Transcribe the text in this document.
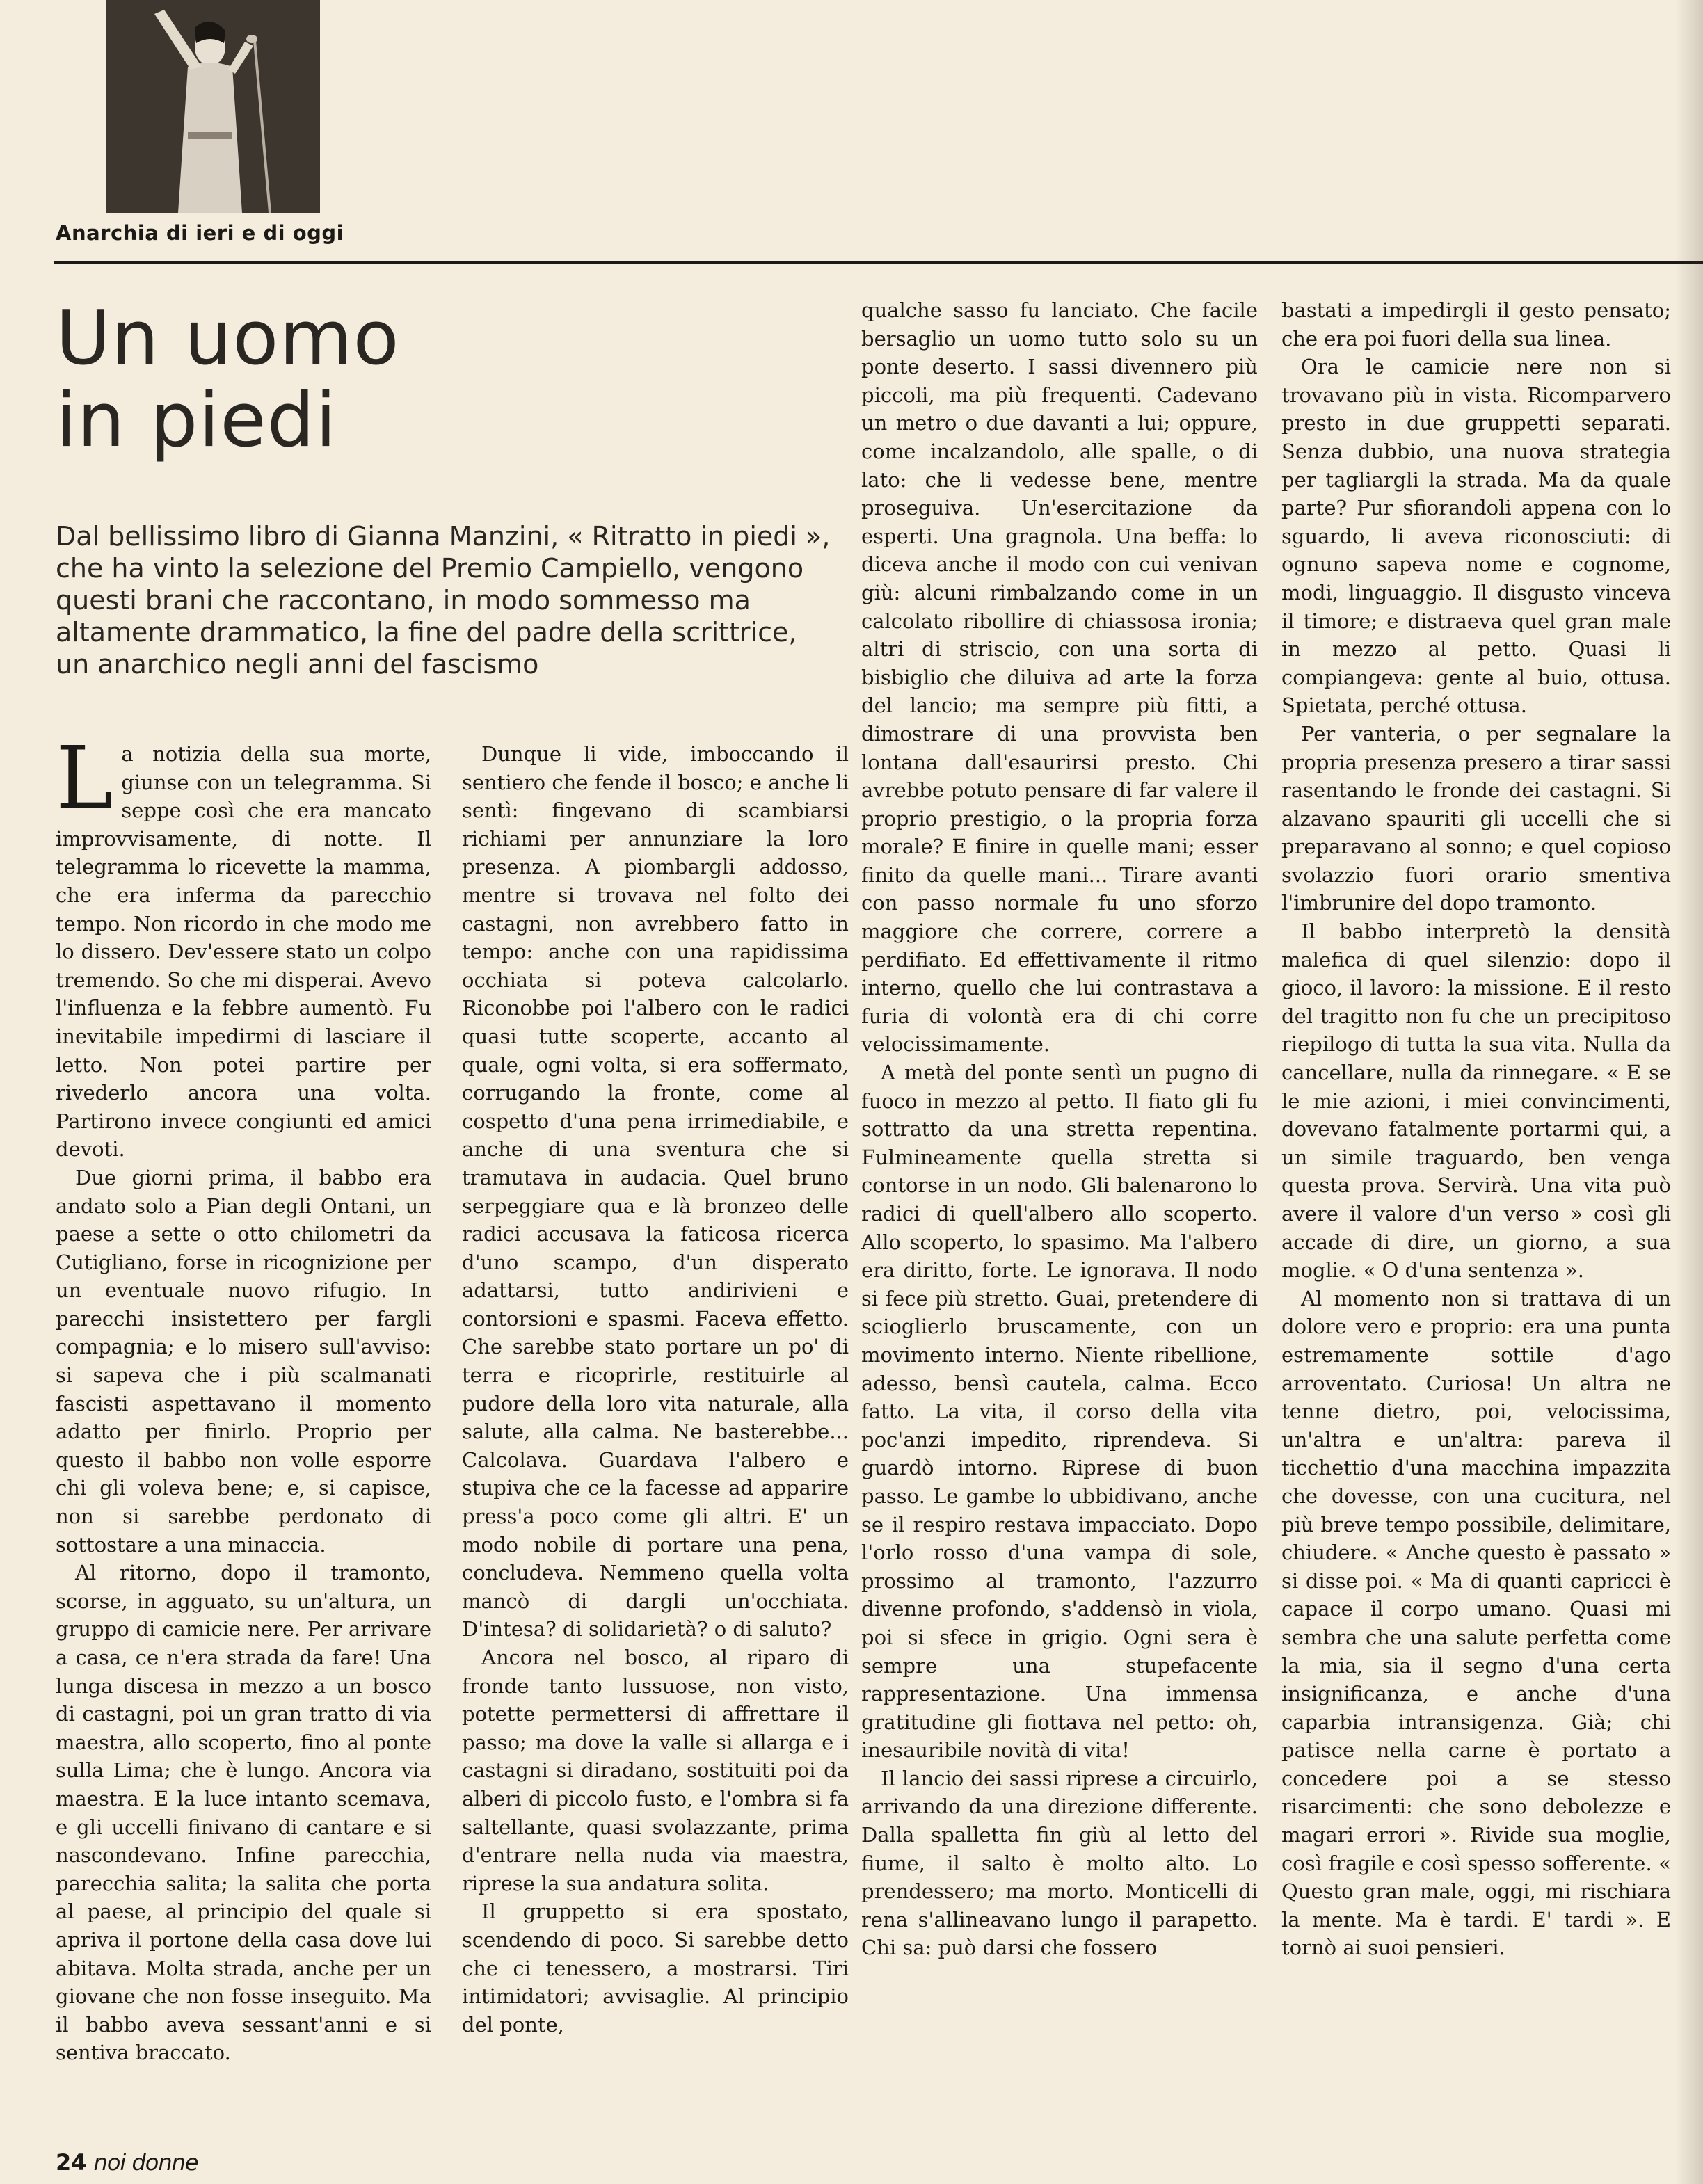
Anarchia di ieri e di oggi
Un uomo
in piedi

Dal bellissimo libro di Gianna Manzini, « Ritratto in piedi », che ha vinto la selezione del Premio Campiello, vengono questi brani che raccontano, in modo sommesso ma altamente drammatico, la fine del padre della scrittrice, un anarchico negli anni del fascismo

La notizia della sua morte, giunse con un telegramma. Si seppe così che era mancato improvvisamente, di notte. Il telegramma lo ricevette la mamma, che era inferma da parecchio tempo. Non ricordo in che modo me lo dissero. Dev'essere stato un colpo tremendo. So che mi disperai. Avevo l'influenza e la febbre aumentò. Fu inevitabile impedirmi di lasciare il letto. Non potei partire per rivederlo ancora una volta. Partirono invece congiunti ed amici devoti.

Due giorni prima, il babbo era andato solo a Pian degli Ontani, un paese a sette o otto chilometri da Cutigliano, forse in ricognizione per un eventuale nuovo rifugio. In parecchi insistettero per fargli compagnia; e lo misero sull'avviso: si sapeva che i più scalmanati fascisti aspettavano il momento adatto per finirlo. Proprio per questo il babbo non volle esporre chi gli voleva bene; e, si capisce, non si sarebbe perdonato di sottostare a una minaccia.

Al ritorno, dopo il tramonto, scorse, in agguato, su un'altura, un gruppo di camicie nere. Per arrivare a casa, ce n'era strada da fare! Una lunga discesa in mezzo a un bosco di castagni, poi un gran tratto di via maestra, allo scoperto, fino al ponte sulla Lima; che è lungo. Ancora via maestra. E la luce intanto scemava, e gli uccelli finivano di cantare e si nascondevano. Infine parecchia, parecchia salita; la salita che porta al paese, al principio del quale si apriva il portone della casa dove lui abitava. Molta strada, anche per un giovane che non fosse inseguito. Ma il babbo aveva sessant'anni e si sentiva braccato.

Dunque li vide, imboccando il sentiero che fende il bosco; e anche li sentì: fingevano di scambiarsi richiami per annunziare la loro presenza. A piombargli addosso, mentre si trovava nel folto dei castagni, non avrebbero fatto in tempo: anche con una rapidissima occhiata si poteva calcolarlo. Riconobbe poi l'albero con le radici quasi tutte scoperte, accanto al quale, ogni volta, si era soffermato, corrugando la fronte, come al cospetto d'una pena irrimediabile, e anche di una sventura che si tramutava in audacia. Quel bruno serpeggiare qua e là bronzeo delle radici accusava la faticosa ricerca d'uno scampo, d'un disperato adattarsi, tutto andirivieni e contorsioni e spasmi. Faceva effetto. Che sarebbe stato portare un po' di terra e ricoprirle, restituirle al pudore della loro vita naturale, alla salute, alla calma. Ne basterebbe... Calcolava. Guardava l'albero e stupiva che ce la facesse ad apparire press'a poco come gli altri. E' un modo nobile di portare una pena, concludeva. Nemmeno quella volta mancò di dargli un'occhiata. D'intesa? di solidarietà? o di saluto?

Ancora nel bosco, al riparo di fronde tanto lussuose, non visto, potette permettersi di affrettare il passo; ma dove la valle si allarga e i castagni si diradano, sostituiti poi da alberi di piccolo fusto, e l'ombra si fa saltellante, quasi svolazzante, prima d'entrare nella nuda via maestra, riprese la sua andatura solita.

Il gruppetto si era spostato, scendendo di poco. Si sarebbe detto che ci tenessero, a mostrarsi. Tiri intimidatori; avvisaglie. Al principio del ponte,

qualche sasso fu lanciato. Che facile bersaglio un uomo tutto solo su un ponte deserto. I sassi divennero più piccoli, ma più frequenti. Cadevano un metro o due davanti a lui; oppure, come incalzandolo, alle spalle, o di lato: che li vedesse bene, mentre proseguiva. Un'esercitazione da esperti. Una gragnola. Una beffa: lo diceva anche il modo con cui venivan giù: alcuni rimbalzando come in un calcolato ribollire di chiassosa ironia; altri di striscio, con una sorta di bisbiglio che diluiva ad arte la forza del lancio; ma sempre più fitti, a dimostrare di una provvista ben lontana dall'esaurirsi presto. Chi avrebbe potuto pensare di far valere il proprio prestigio, o la propria forza morale? E finire in quelle mani; esser finito da quelle mani... Tirare avanti con passo normale fu uno sforzo maggiore che correre, correre a perdifiato. Ed effettivamente il ritmo interno, quello che lui contrastava a furia di volontà era di chi corre velocissimamente.

A metà del ponte sentì un pugno di fuoco in mezzo al petto. Il fiato gli fu sottratto da una stretta repentina. Fulmineamente quella stretta si contorse in un nodo. Gli balenarono lo radici di quell'albero allo scoperto. Allo scoperto, lo spasimo. Ma l'albero era diritto, forte. Le ignorava. Il nodo si fece più stretto. Guai, pretendere di scioglierlo bruscamente, con un movimento interno. Niente ribellione, adesso, bensì cautela, calma. Ecco fatto. La vita, il corso della vita poc'anzi impedito, riprendeva. Si guardò intorno. Riprese di buon passo. Le gambe lo ubbidivano, anche se il respiro restava impacciato. Dopo l'orlo rosso d'una vampa di sole, prossimo al tramonto, l'azzurro divenne profondo, s'addensò in viola, poi si sfece in grigio. Ogni sera è sempre una stupefacente rappresentazione. Una immensa gratitudine gli fiottava nel petto: oh, inesauribile novità di vita!

Il lancio dei sassi riprese a circuirlo, arrivando da una direzione differente. Dalla spalletta fin giù al letto del fiume, il salto è molto alto. Lo prendessero; ma morto. Monticelli di rena s'allineavano lungo il parapetto. Chi sa: può darsi che fossero

bastati a impedirgli il gesto pensato; che era poi fuori della sua linea.

Ora le camicie nere non si trovavano più in vista. Ricomparvero presto in due gruppetti separati. Senza dubbio, una nuova strategia per tagliargli la strada. Ma da quale parte? Pur sfiorandoli appena con lo sguardo, li aveva riconosciuti: di ognuno sapeva nome e cognome, modi, linguaggio. Il disgusto vinceva il timore; e distraeva quel gran male in mezzo al petto. Quasi li compiangeva: gente al buio, ottusa. Spietata, perché ottusa.

Per vanteria, o per segnalare la propria presenza presero a tirar sassi rasentando le fronde dei castagni. Si alzavano spauriti gli uccelli che si preparavano al sonno; e quel copioso svolazzio fuori orario smentiva l'imbrunire del dopo tramonto.

Il babbo interpretò la densità malefica di quel silenzio: dopo il gioco, il lavoro: la missione. E il resto del tragitto non fu che un precipitoso riepilogo di tutta la sua vita. Nulla da cancellare, nulla da rinnegare. « E se le mie azioni, i miei convincimenti, dovevano fatalmente portarmi qui, a un simile traguardo, ben venga questa prova. Servirà. Una vita può avere il valore d'un verso » così gli accade di dire, un giorno, a sua moglie. « O d'una sentenza ».

Al momento non si trattava di un dolore vero e proprio: era una punta estremamente sottile d'ago arroventato. Curiosa! Un altra ne tenne dietro, poi, velocissima, un'altra e un'altra: pareva il ticchettio d'una macchina impazzita che dovesse, con una cucitura, nel più breve tempo possibile, delimitare, chiudere. « Anche questo è passato » si disse poi. « Ma di quanti capricci è capace il corpo umano. Quasi mi sembra che una salute perfetta come la mia, sia il segno d'una certa insignificanza, e anche d'una caparbia intransigenza. Già; chi patisce nella carne è portato a concedere poi a se stesso risarcimenti: che sono debolezze e magari errori ». Rivide sua moglie, così fragile e così spesso sofferente. « Questo gran male, oggi, mi rischiara la mente. Ma è tardi. E' tardi ». E tornò ai suoi pensieri.

24 noi donne
